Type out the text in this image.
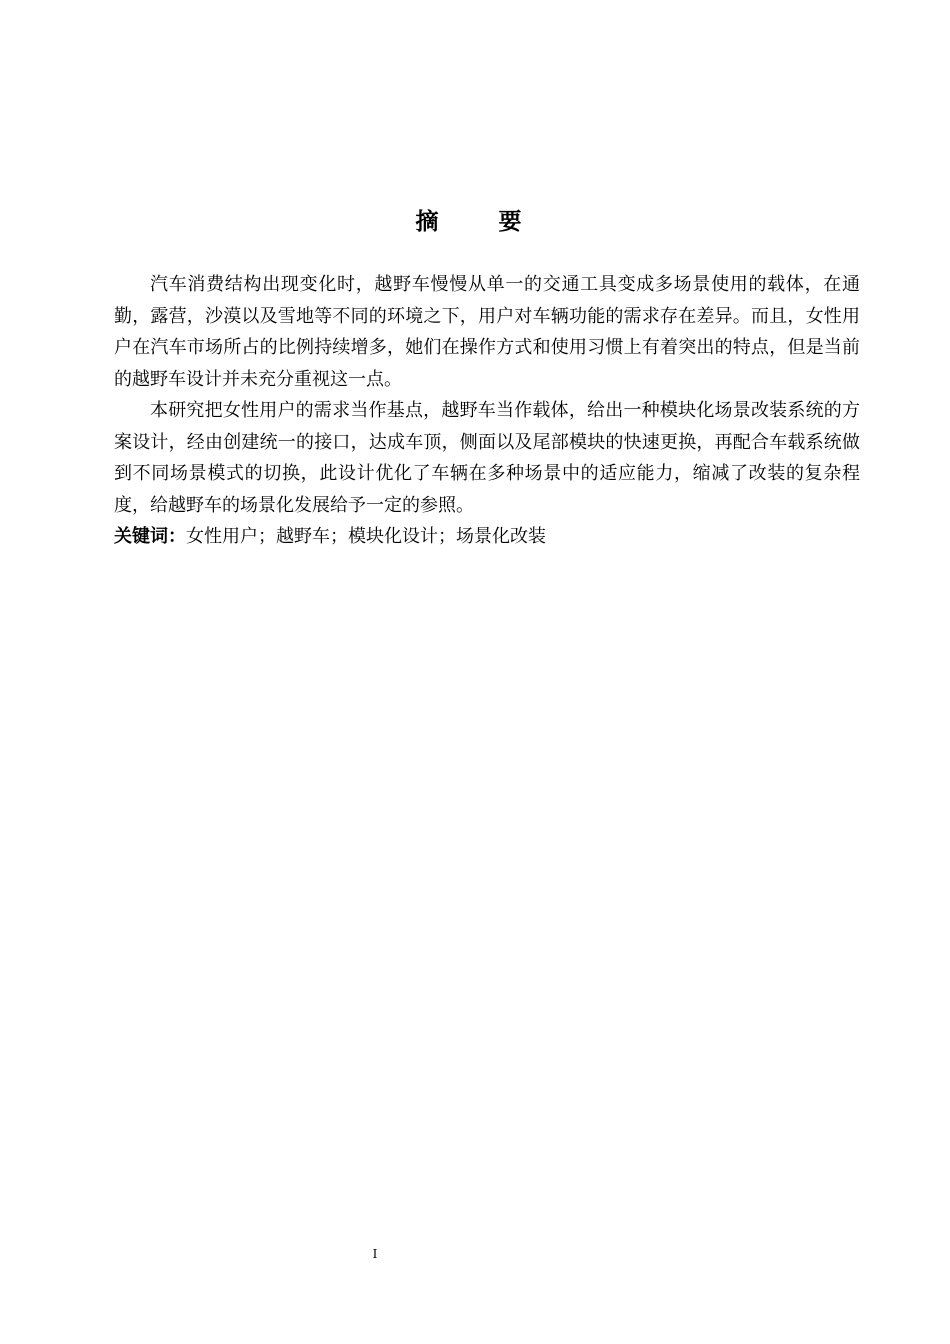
摘 要

汽车消费结构出现变化时，越野车慢慢从单一的交通工具变成多场景使用的载体，在通勤，露营，沙漠以及雪地等不同的环境之下，用户对车辆功能的需求存在差异。而且，女性用户在汽车市场所占的比例持续增多，她们在操作方式和使用习惯上有着突出的特点，但是当前的越野车设计并未充分重视这一点。

本研究把女性用户的需求当作基点，越野车当作载体，给出一种模块化场景改装系统的方案设计，经由创建统一的接口，达成车顶，侧面以及尾部模块的快速更换，再配合车载系统做到不同场景模式的切换，此设计优化了车辆在多种场景中的适应能力，缩减了改装的复杂程度，给越野车的场景化发展给予一定的参照。

关键词：女性用户；越野车；模块化设计；场景化改装

I
